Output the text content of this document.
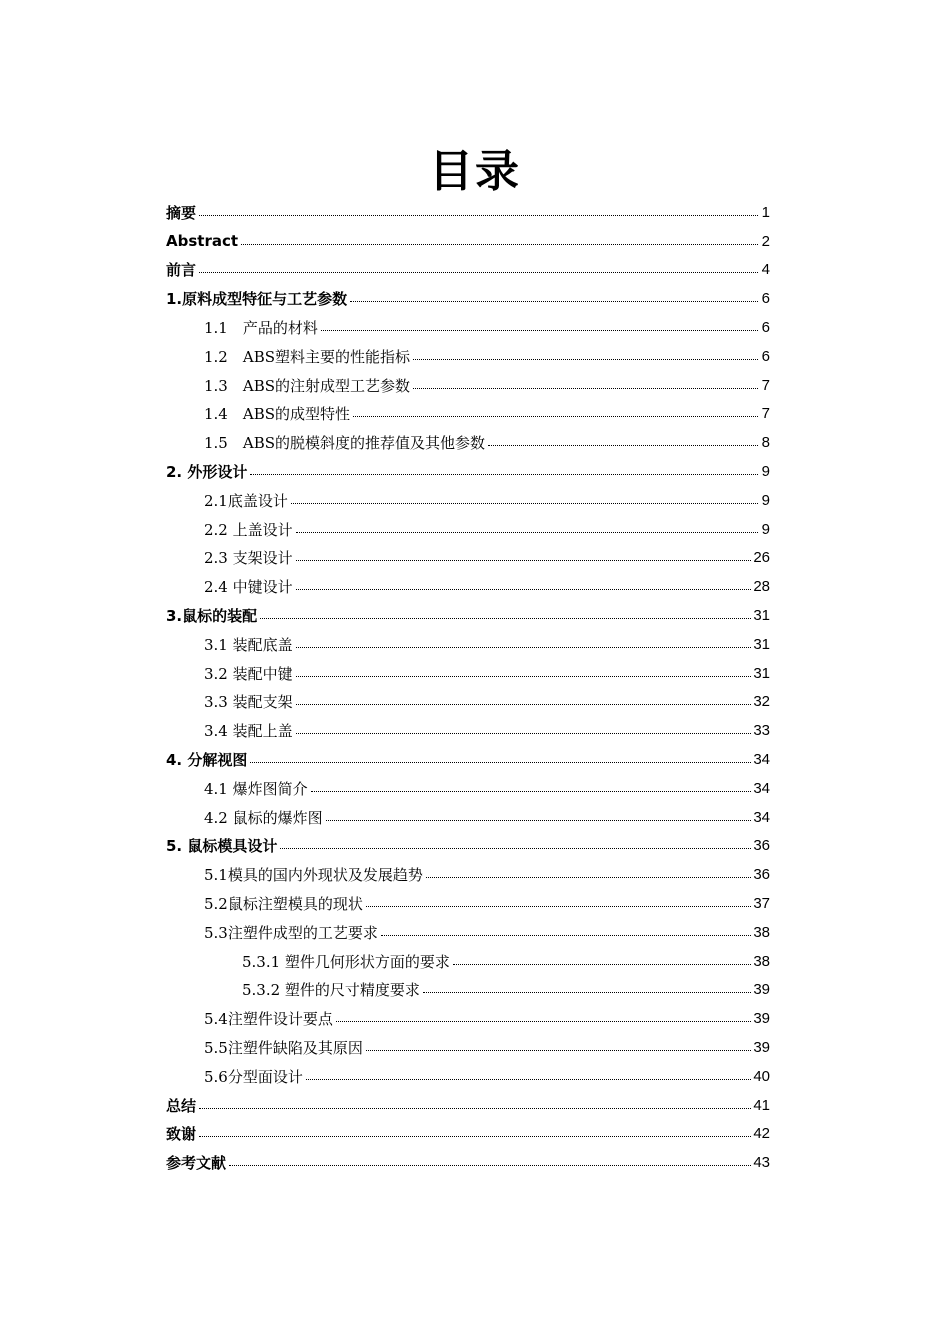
目录
摘要	1
Abstract	2
前言	4
1.原料成型特征与工艺参数	6
1.1　产品的材料	6
1.2　ABS塑料主要的性能指标	6
1.3　ABS的注射成型工艺参数	7
1.4　ABS的成型特性	7
1.5　ABS的脱模斜度的推荐值及其他参数	8
2. 外形设计	9
2.1底盖设计	9
2.2 上盖设计	9
2.3 支架设计	26
2.4 中键设计	28
3.鼠标的装配	31
3.1 装配底盖	31
3.2 装配中键	31
3.3 装配支架	32
3.4 装配上盖	33
4. 分解视图	34
4.1 爆炸图简介	34
4.2 鼠标的爆炸图	34
5. 鼠标模具设计	36
5.1模具的国内外现状及发展趋势	36
5.2鼠标注塑模具的现状	37
5.3注塑件成型的工艺要求	38
5.3.1 塑件几何形状方面的要求	38
5.3.2 塑件的尺寸精度要求	39
5.4注塑件设计要点	39
5.5注塑件缺陷及其原因	39
5.6分型面设计	40
总结	41
致谢	42
参考文献	43
